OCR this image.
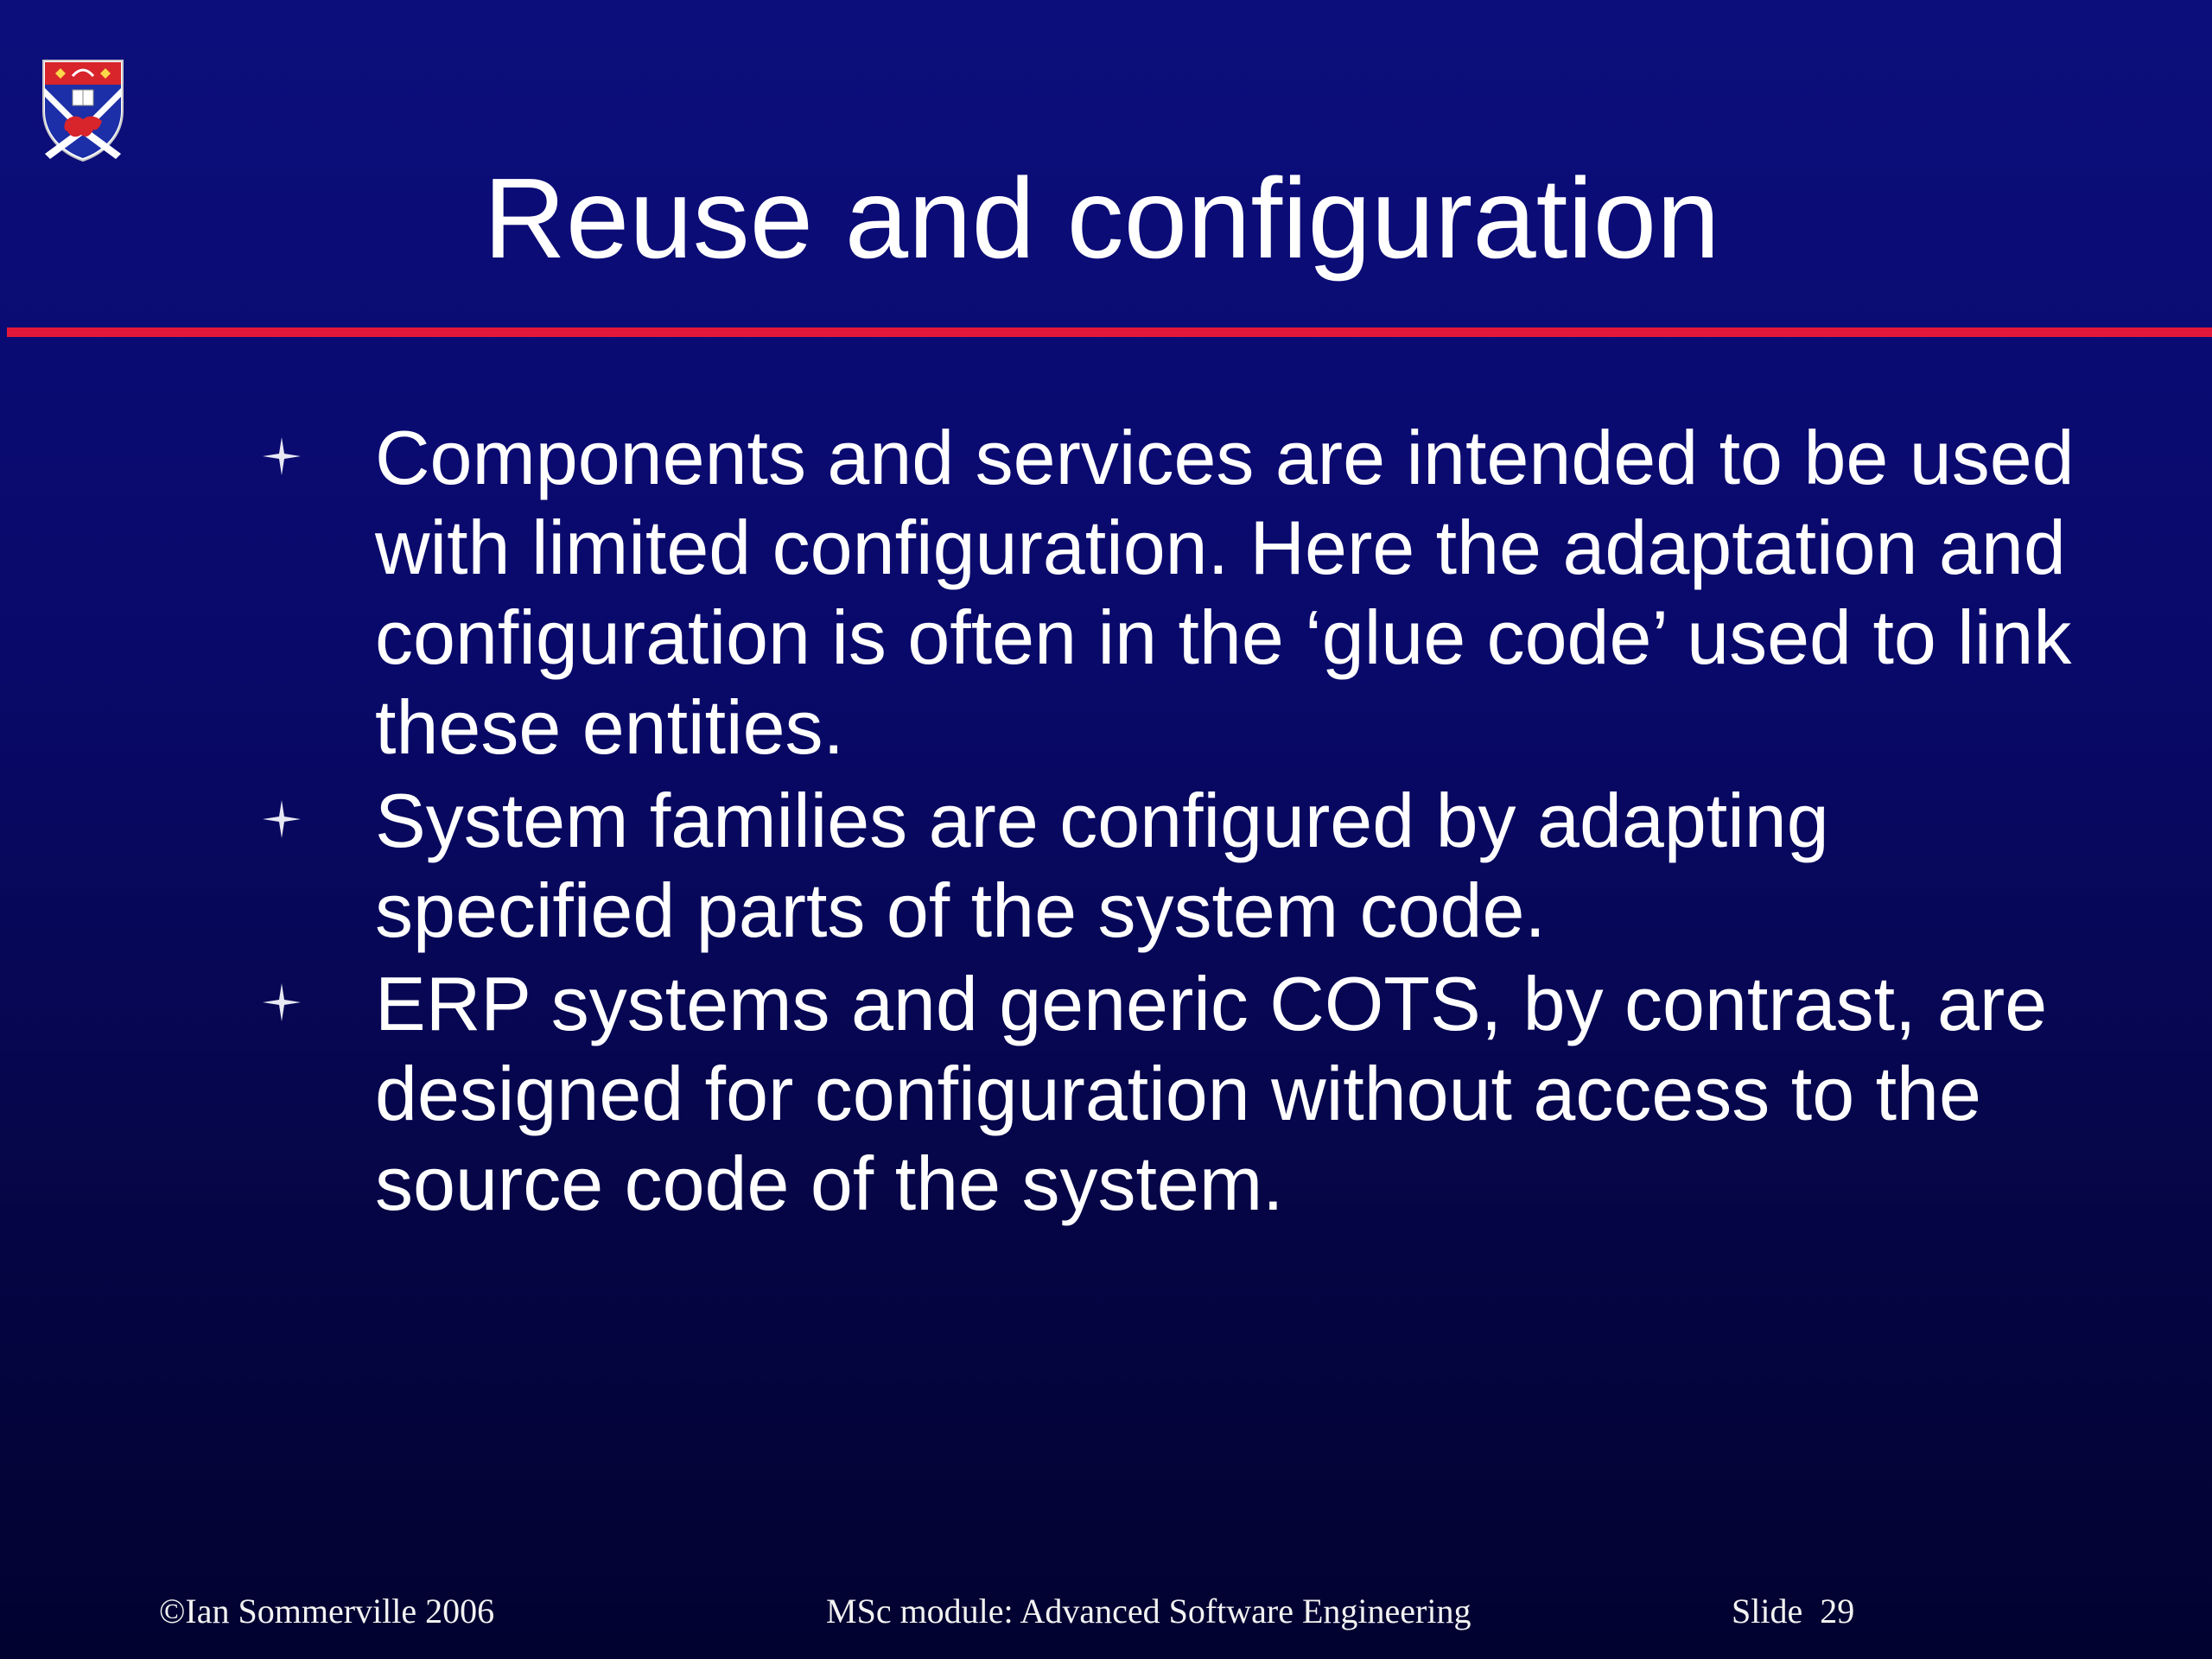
Reuse and configuration
Components and services are intended to be used with limited configuration. Here the adaptation and configuration is often in the ‘glue code’ used to link these entities.
System families are configured by adapting specified parts of the system code.
ERP systems and generic COTS, by contrast, are designed for configuration without access to the source code of the system.
©Ian Sommerville 2006	MSc module: Advanced Software Engineering	Slide  29
